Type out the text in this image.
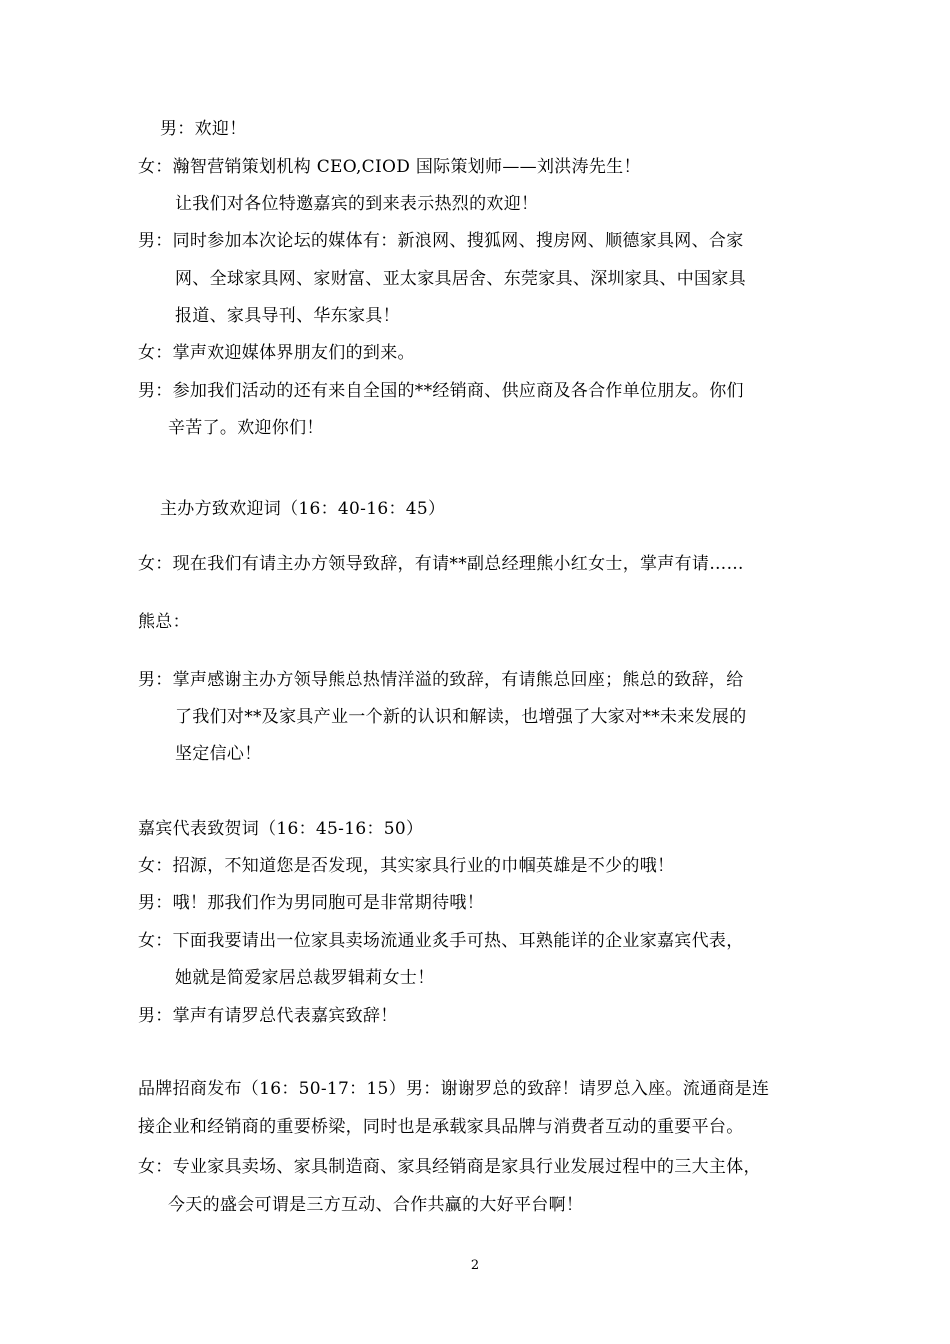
男：欢迎！
女：瀚智营销策划机构 CEO,CIOD 国际策划师——刘洪涛先生！
让我们对各位特邀嘉宾的到来表示热烈的欢迎！
男：同时参加本次论坛的媒体有：新浪网、搜狐网、搜房网、顺德家具网、合家
网、全球家具网、家财富、亚太家具居舍、东莞家具、深圳家具、中国家具
报道、家具导刊、华东家具！
女：掌声欢迎媒体界朋友们的到来。
男：参加我们活动的还有来自全国的**经销商、供应商及各合作单位朋友。你们
辛苦了。欢迎你们！
主办方致欢迎词（16：40-16：45）
女：现在我们有请主办方领导致辞，有请**副总经理熊小红女士，掌声有请……
熊总：
男：掌声感谢主办方领导熊总热情洋溢的致辞，有请熊总回座；熊总的致辞，给
了我们对**及家具产业一个新的认识和解读，也增强了大家对**未来发展的
坚定信心！
嘉宾代表致贺词（16：45-16：50）
女：招源，不知道您是否发现，其实家具行业的巾帼英雄是不少的哦！
男：哦！那我们作为男同胞可是非常期待哦！
女：下面我要请出一位家具卖场流通业炙手可热、耳熟能详的企业家嘉宾代表，
她就是简爱家居总裁罗辑莉女士！
男：掌声有请罗总代表嘉宾致辞！
品牌招商发布（16：50-17：15）男：谢谢罗总的致辞！请罗总入座。流通商是连
接企业和经销商的重要桥梁，同时也是承载家具品牌与消费者互动的重要平台。
女：专业家具卖场、家具制造商、家具经销商是家具行业发展过程中的三大主体，
今天的盛会可谓是三方互动、合作共赢的大好平台啊！
2
